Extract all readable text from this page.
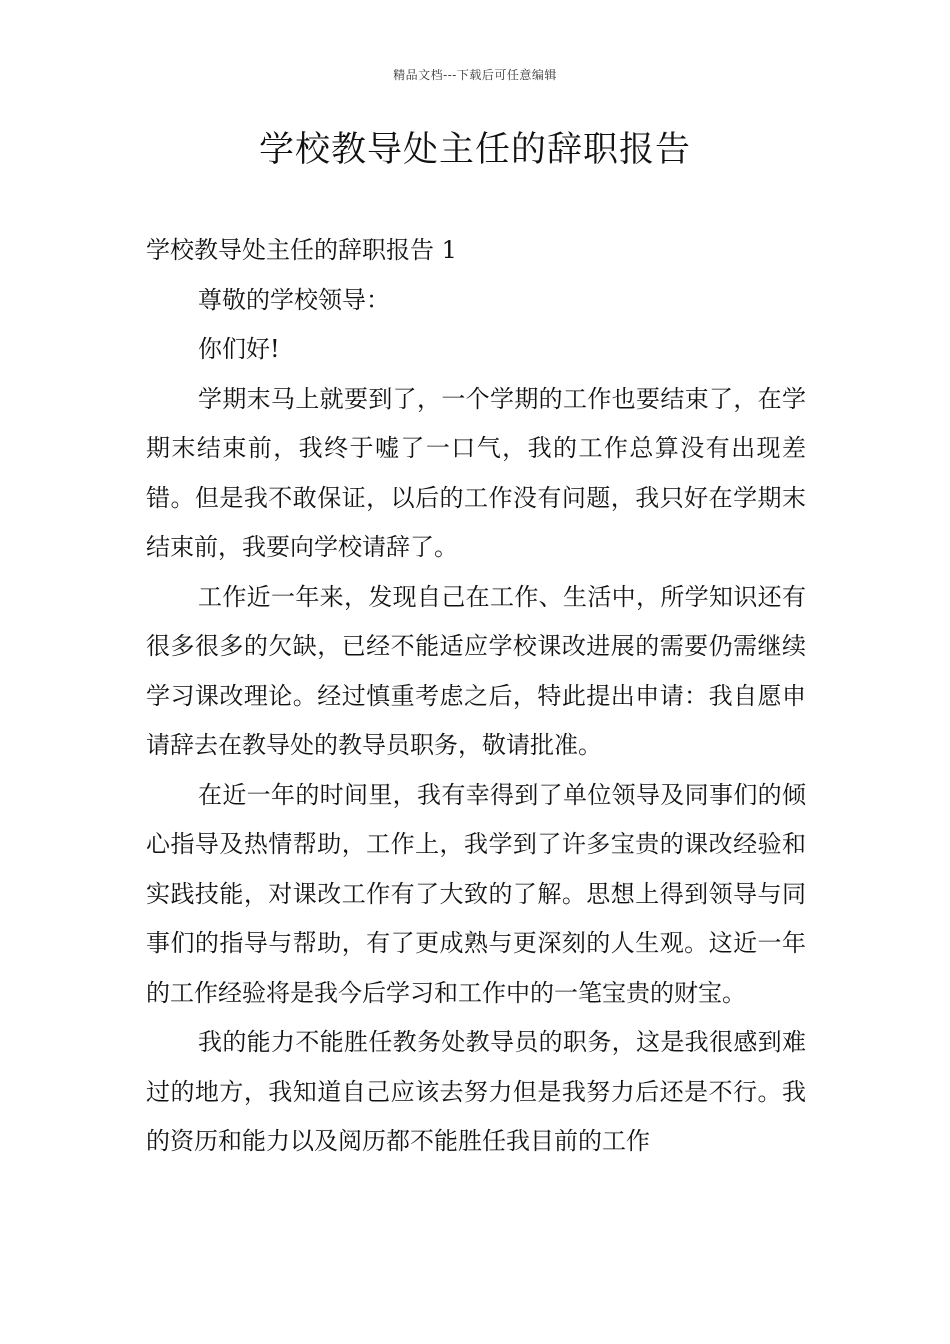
精品文档---下载后可任意编辑
学校教导处主任的辞职报告

学校教导处主任的辞职报告 1

尊敬的学校领导：

你们好!

学期末马上就要到了，一个学期的工作也要结束了，在学期末结束前，我终于嘘了一口气，我的工作总算没有出现差错。但是我不敢保证，以后的工作没有问题，我只好在学期末结束前，我要向学校请辞了。

工作近一年来，发现自己在工作、生活中，所学知识还有很多很多的欠缺，已经不能适应学校课改进展的需要仍需继续学习课改理论。经过慎重考虑之后，特此提出申请：我自愿申请辞去在教导处的教导员职务，敬请批准。

在近一年的时间里，我有幸得到了单位领导及同事们的倾心指导及热情帮助，工作上，我学到了许多宝贵的课改经验和实践技能，对课改工作有了大致的了解。思想上得到领导与同事们的指导与帮助，有了更成熟与更深刻的人生观。这近一年的工作经验将是我今后学习和工作中的一笔宝贵的财宝。

我的能力不能胜任教务处教导员的职务，这是我很感到难过的地方，我知道自己应该去努力但是我努力后还是不行。我的资历和能力以及阅历都不能胜任我目前的工作
